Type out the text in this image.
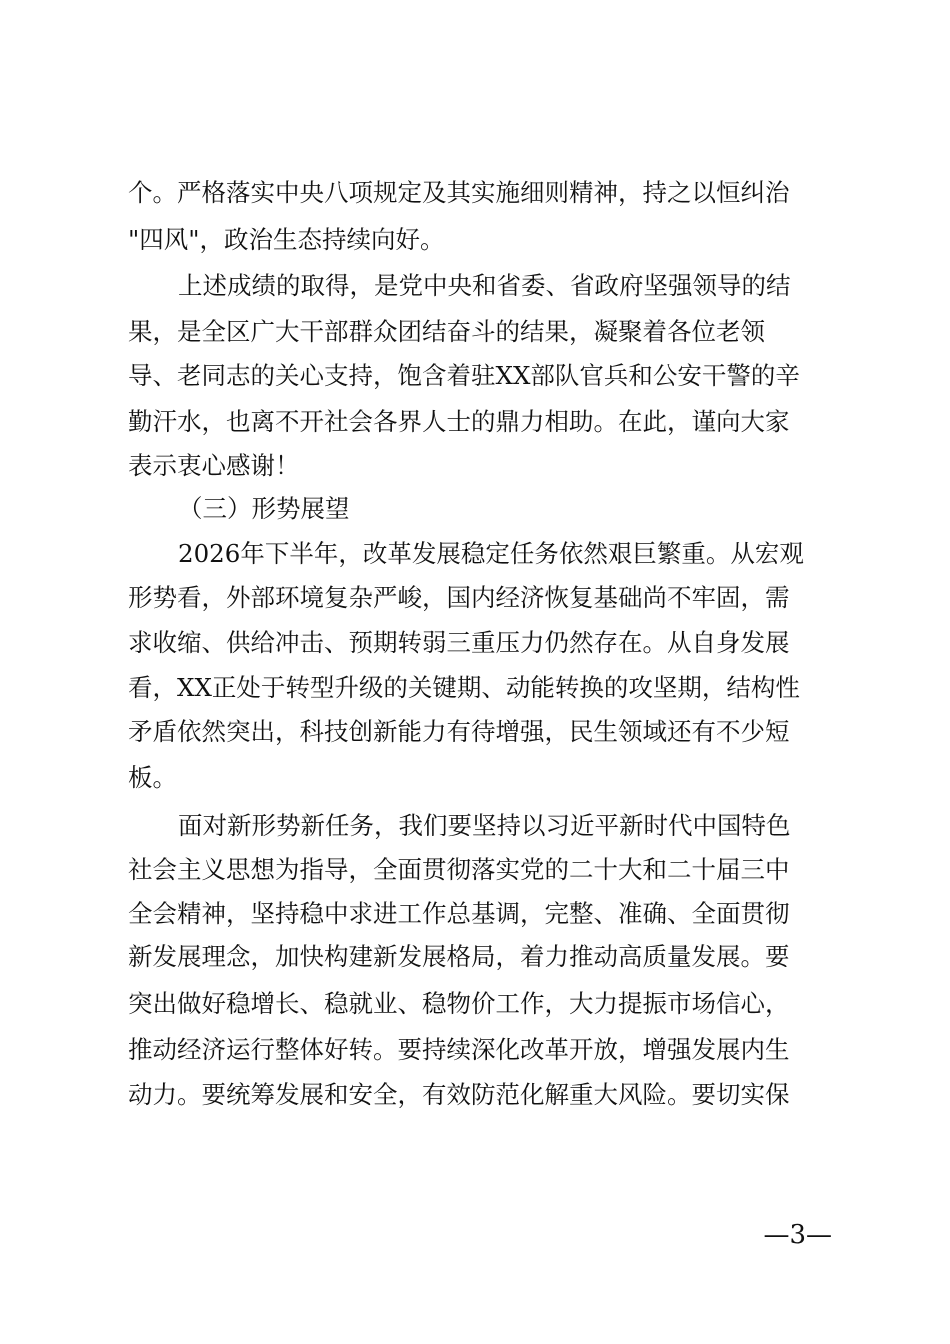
个。严格落实中央八项规定及其实施细则精神，持之以恒纠治
"四风"，政治生态持续向好。
上述成绩的取得，是党中央和省委、省政府坚强领导的结
果，是全区广大干部群众团结奋斗的结果，凝聚着各位老领
导、老同志的关心支持，饱含着驻XX部队官兵和公安干警的辛
勤汗水，也离不开社会各界人士的鼎力相助。在此，谨向大家
表示衷心感谢！
（三）形势展望
2026年下半年，改革发展稳定任务依然艰巨繁重。从宏观
形势看，外部环境复杂严峻，国内经济恢复基础尚不牢固，需
求收缩、供给冲击、预期转弱三重压力仍然存在。从自身发展
看，XX正处于转型升级的关键期、动能转换的攻坚期，结构性
矛盾依然突出，科技创新能力有待增强，民生领域还有不少短
板。
面对新形势新任务，我们要坚持以习近平新时代中国特色
社会主义思想为指导，全面贯彻落实党的二十大和二十届三中
全会精神，坚持稳中求进工作总基调，完整、准确、全面贯彻
新发展理念，加快构建新发展格局，着力推动高质量发展。要
突出做好稳增长、稳就业、稳物价工作，大力提振市场信心，
推动经济运行整体好转。要持续深化改革开放，增强发展内生
动力。要统筹发展和安全，有效防范化解重大风险。要切实保
—3—
